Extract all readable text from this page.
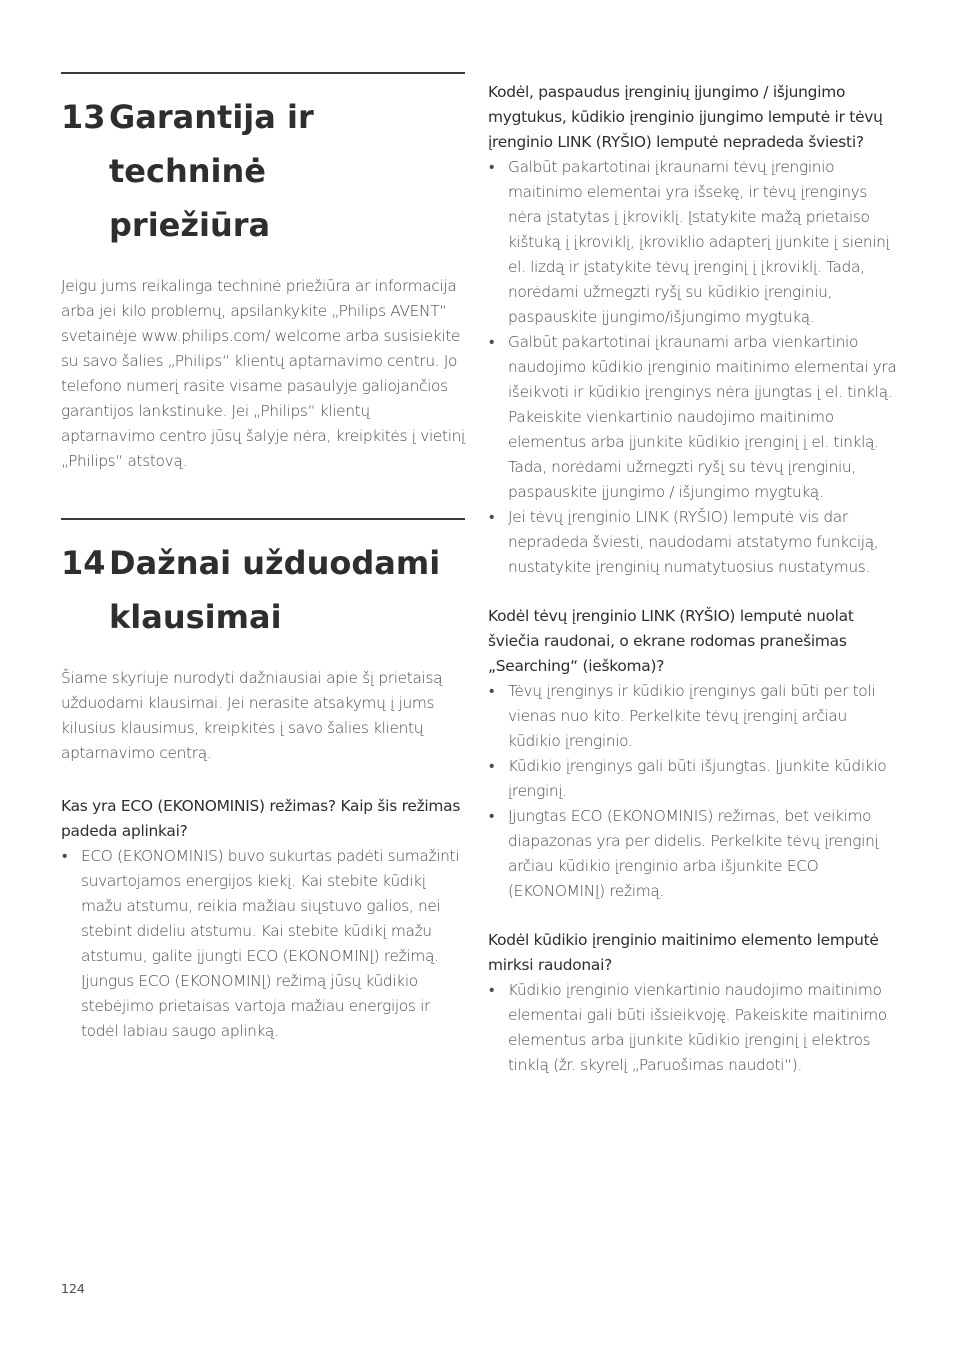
13 Garantija ir techninė
priežiūra

Jeigu jums reikalinga techninė priežiūra ar informacija arba jei kilo problemų, apsilankykite „Philips AVENT“ svetainėje www.philips.com/ welcome arba susisiekite su savo šalies „Philips“ klientų aptarnavimo centru. Jo telefono numerį rasite visame pasaulyje galiojančios garantijos lankstinuke. Jei „Philips“ klientų aptarnavimo centro jūsų šalyje nėra, kreipkitės į vietinį „Philips“ atstovą.

14 Dažnai užduodami
klausimai

Šiame skyriuje nurodyti dažniausiai apie šį prietaisą užduodami klausimai. Jei nerasite atsakymų į jums kilusius klausimus, kreipkitės į savo šalies klientų aptarnavimo centrą.

Kas yra ECO (EKONOMINIS) režimas? Kaip šis režimas padeda aplinkai?

• ECO (EKONOMINIS) buvo sukurtas padėti sumažinti suvartojamos energijos kiekį. Kai stebite kūdikį mažu atstumu, reikia mažiau siųstuvo galios, nei stebint dideliu atstumu. Kai stebite kūdikį mažu atstumu, galite įjungti ECO (EKONOMINĮ) režimą. Įjungus ECO (EKONOMINĮ) režimą jūsų kūdikio stebėjimo prietaisas vartoja mažiau energijos ir todėl labiau saugo aplinką.

Kodėl, paspaudus įrenginių įjungimo / išjungimo mygtukus, kūdikio įrenginio įjungimo lemputė ir tėvų įrenginio LINK (RYŠIO) lemputė nepradeda šviesti?

• Galbūt pakartotinai įkraunami tėvų įrenginio maitinimo elementai yra išsekę, ir tėvų įrenginys nėra įstatytas į įkroviklį. Įstatykite mažą prietaiso kištuką į įkroviklį, įkroviklio adapterį įjunkite į sieninį el. lizdą ir įstatykite tėvų įrenginį į įkroviklį. Tada, norėdami užmegzti ryšį su kūdikio įrenginiu, paspauskite įjungimo/išjungimo mygtuką.
• Galbūt pakartotinai įkraunami arba vienkartinio naudojimo kūdikio įrenginio maitinimo elementai yra išeikvoti ir kūdikio įrenginys nėra įjungtas į el. tinklą. Pakeiskite vienkartinio naudojimo maitinimo elementus arba įjunkite kūdikio įrenginį į el. tinklą. Tada, norėdami užmegzti ryšį su tėvų įrenginiu, paspauskite įjungimo / išjungimo mygtuką.
• Jei tėvų įrenginio LINK (RYŠIO) lemputė vis dar nepradeda šviesti, naudodami atstatymo funkciją, nustatykite įrenginių numatytuosius nustatymus.

Kodėl tėvų įrenginio LINK (RYŠIO) lemputė nuolat šviečia raudonai, o ekrane rodomas pranešimas „Searching“ (ieškoma)?

• Tėvų įrenginys ir kūdikio įrenginys gali būti per toli vienas nuo kito. Perkelkite tėvų įrenginį arčiau kūdikio įrenginio.
• Kūdikio įrenginys gali būti išjungtas. Įjunkite kūdikio įrenginį.
• Įjungtas ECO (EKONOMINIS) režimas, bet veikimo diapazonas yra per didelis. Perkelkite tėvų įrenginį arčiau kūdikio įrenginio arba išjunkite ECO (EKONOMINĮ) režimą.

Kodėl kūdikio įrenginio maitinimo elemento lemputė mirksi raudonai?

• Kūdikio įrenginio vienkartinio naudojimo maitinimo elementai gali būti išsieikvoję. Pakeiskite maitinimo elementus arba įjunkite kūdikio įrenginį į elektros tinklą (žr. skyrelį „Paruošimas naudoti“).
124
